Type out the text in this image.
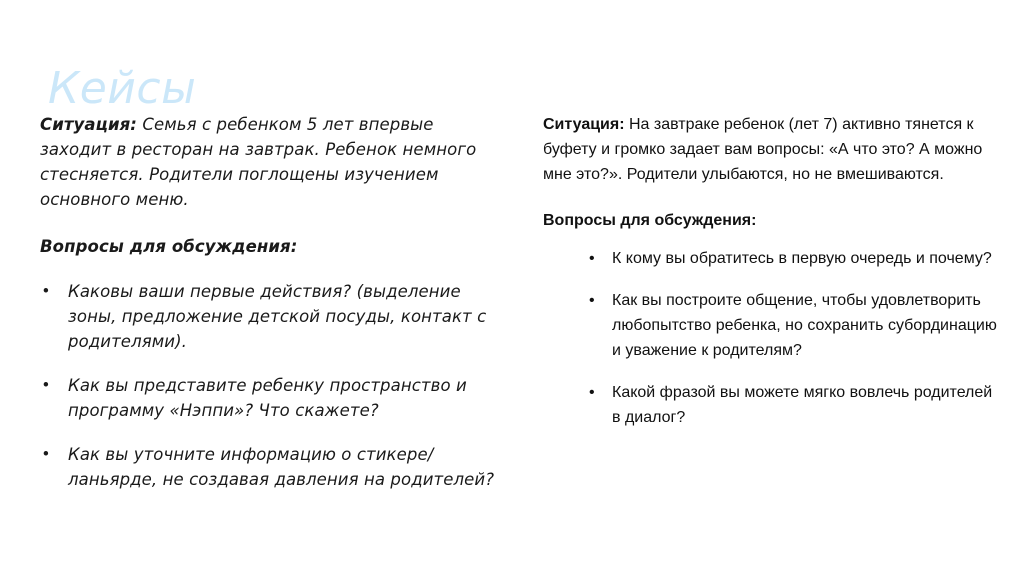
Кейсы

Ситуация: Семья с ребенком 5 лет впервые заходит в ресторан на завтрак. Ребенок немного стесняется. Родители поглощены изучением основного меню.

Вопросы для обсуждения:

• Каковы ваши первые действия? (выделение зоны, предложение детской посуды, контакт с родителями).
• Как вы представите ребенку пространство и программу «Нэппи»? Что скажете?
• Как вы уточните информацию о стикере/ланьярде, не создавая давления на родителей?

Ситуация: На завтраке ребенок (лет 7) активно тянется к буфету и громко задает вам вопросы: «А что это? А можно мне это?». Родители улыбаются, но не вмешиваются.

Вопросы для обсуждения:

• К кому вы обратитесь в первую очередь и почему?
• Как вы построите общение, чтобы удовлетворить любопытство ребенка, но сохранить субординацию и уважение к родителям?
• Какой фразой вы можете мягко вовлечь родителей в диалог?
